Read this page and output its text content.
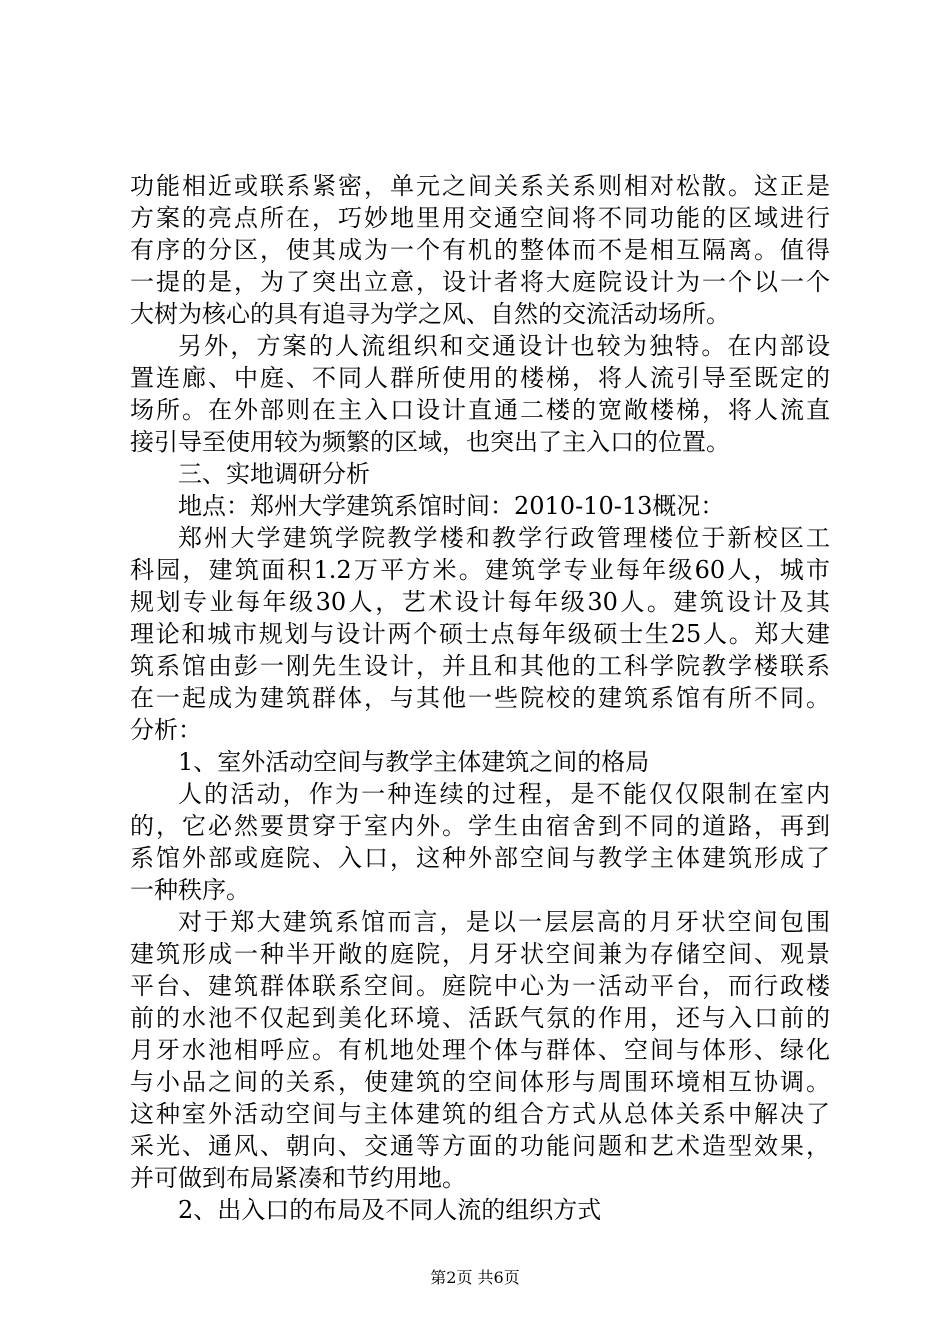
功能相近或联系紧密，单元之间关系关系则相对松散。这正是
方案的亮点所在，巧妙地里用交通空间将不同功能的区域进行
有序的分区，使其成为一个有机的整体而不是相互隔离。值得
一提的是，为了突出立意，设计者将大庭院设计为一个以一个
大树为核心的具有追寻为学之风、自然的交流活动场所。
另外，方案的人流组织和交通设计也较为独特。在内部设
置连廊、中庭、不同人群所使用的楼梯，将人流引导至既定的
场所。在外部则在主入口设计直通二楼的宽敞楼梯，将人流直
接引导至使用较为频繁的区域，也突出了主入口的位置。
三、实地调研分析
地点：郑州大学建筑系馆时间：2010-10-13概况：
郑州大学建筑学院教学楼和教学行政管理楼位于新校区工
科园，建筑面积1.2万平方米。建筑学专业每年级60人，城市
规划专业每年级30人，艺术设计每年级30人。建筑设计及其
理论和城市规划与设计两个硕士点每年级硕士生25人。郑大建
筑系馆由彭一刚先生设计，并且和其他的工科学院教学楼联系
在一起成为建筑群体，与其他一些院校的建筑系馆有所不同。
分析：
1、室外活动空间与教学主体建筑之间的格局
人的活动，作为一种连续的过程，是不能仅仅限制在室内
的，它必然要贯穿于室内外。学生由宿舍到不同的道路，再到
系馆外部或庭院、入口，这种外部空间与教学主体建筑形成了
一种秩序。
对于郑大建筑系馆而言，是以一层层高的月牙状空间包围
建筑形成一种半开敞的庭院，月牙状空间兼为存储空间、观景
平台、建筑群体联系空间。庭院中心为一活动平台，而行政楼
前的水池不仅起到美化环境、活跃气氛的作用，还与入口前的
月牙水池相呼应。有机地处理个体与群体、空间与体形、绿化
与小品之间的关系，使建筑的空间体形与周围环境相互协调。
这种室外活动空间与主体建筑的组合方式从总体关系中解决了
采光、通风、朝向、交通等方面的功能问题和艺术造型效果，
并可做到布局紧凑和节约用地。
2、出入口的布局及不同人流的组织方式
第2页 共6页
